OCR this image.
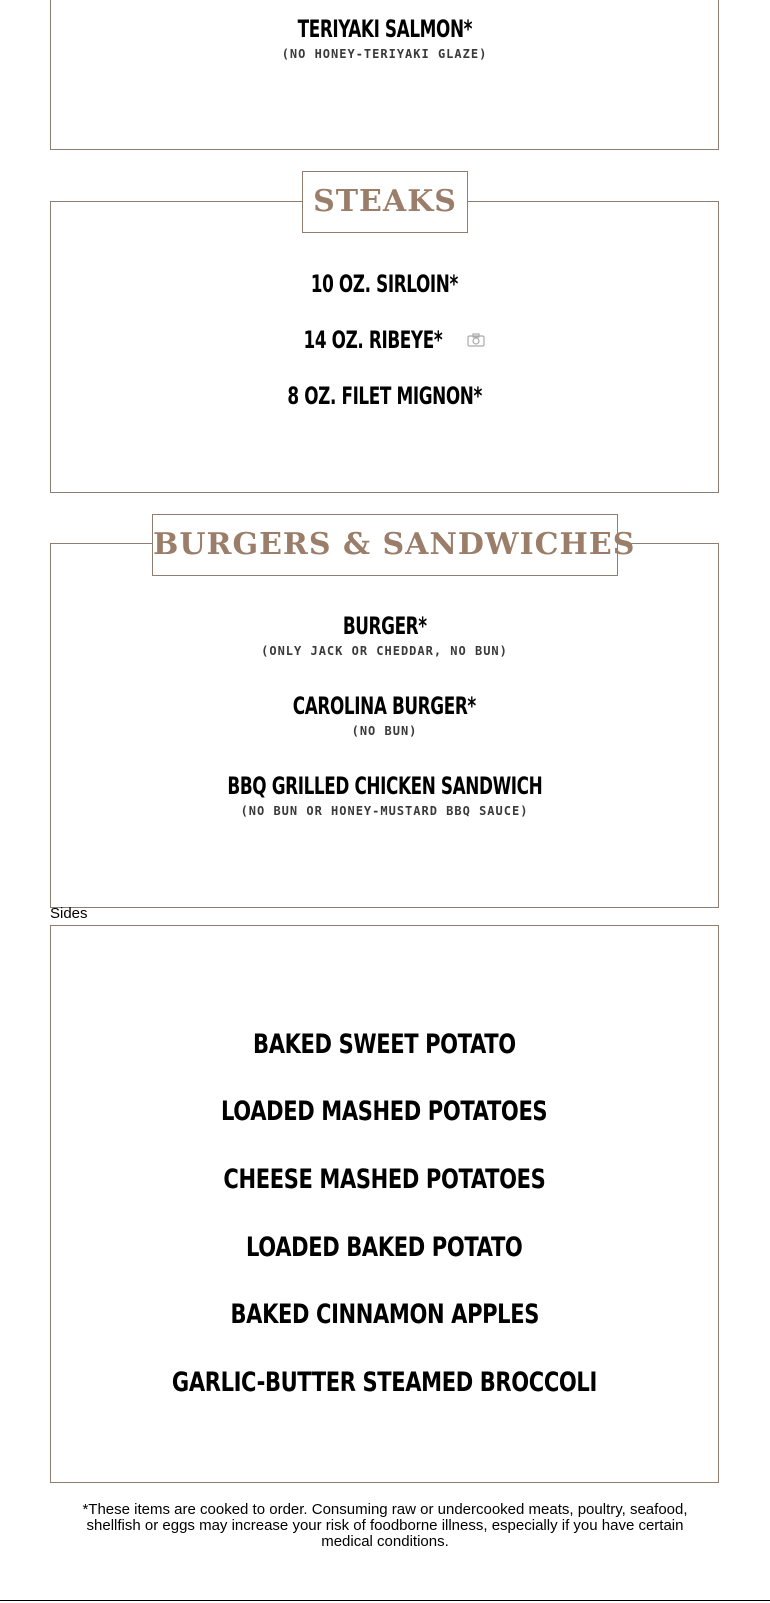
TERIYAKI SALMON*
(NO HONEY-TERIYAKI GLAZE)
10 OZ. SIRLOIN*
14 OZ. RIBEYE*
8 OZ. FILET MIGNON*
STEAKS
BURGER*
(ONLY JACK OR CHEDDAR, NO BUN)
CAROLINA BURGER*
(NO BUN)
BBQ GRILLED CHICKEN SANDWICH
(NO BUN OR HONEY-MUSTARD BBQ SAUCE)
BURGERS & SANDWICHES
Sides
BAKED SWEET POTATO
LOADED MASHED POTATOES
CHEESE MASHED POTATOES
LOADED BAKED POTATO
BAKED CINNAMON APPLES
GARLIC-BUTTER STEAMED BROCCOLI
*These items are cooked to order. Consuming raw or undercooked meats, poultry, seafood, shellfish or eggs may increase your risk of foodborne illness, especially if you have certain medical conditions.
